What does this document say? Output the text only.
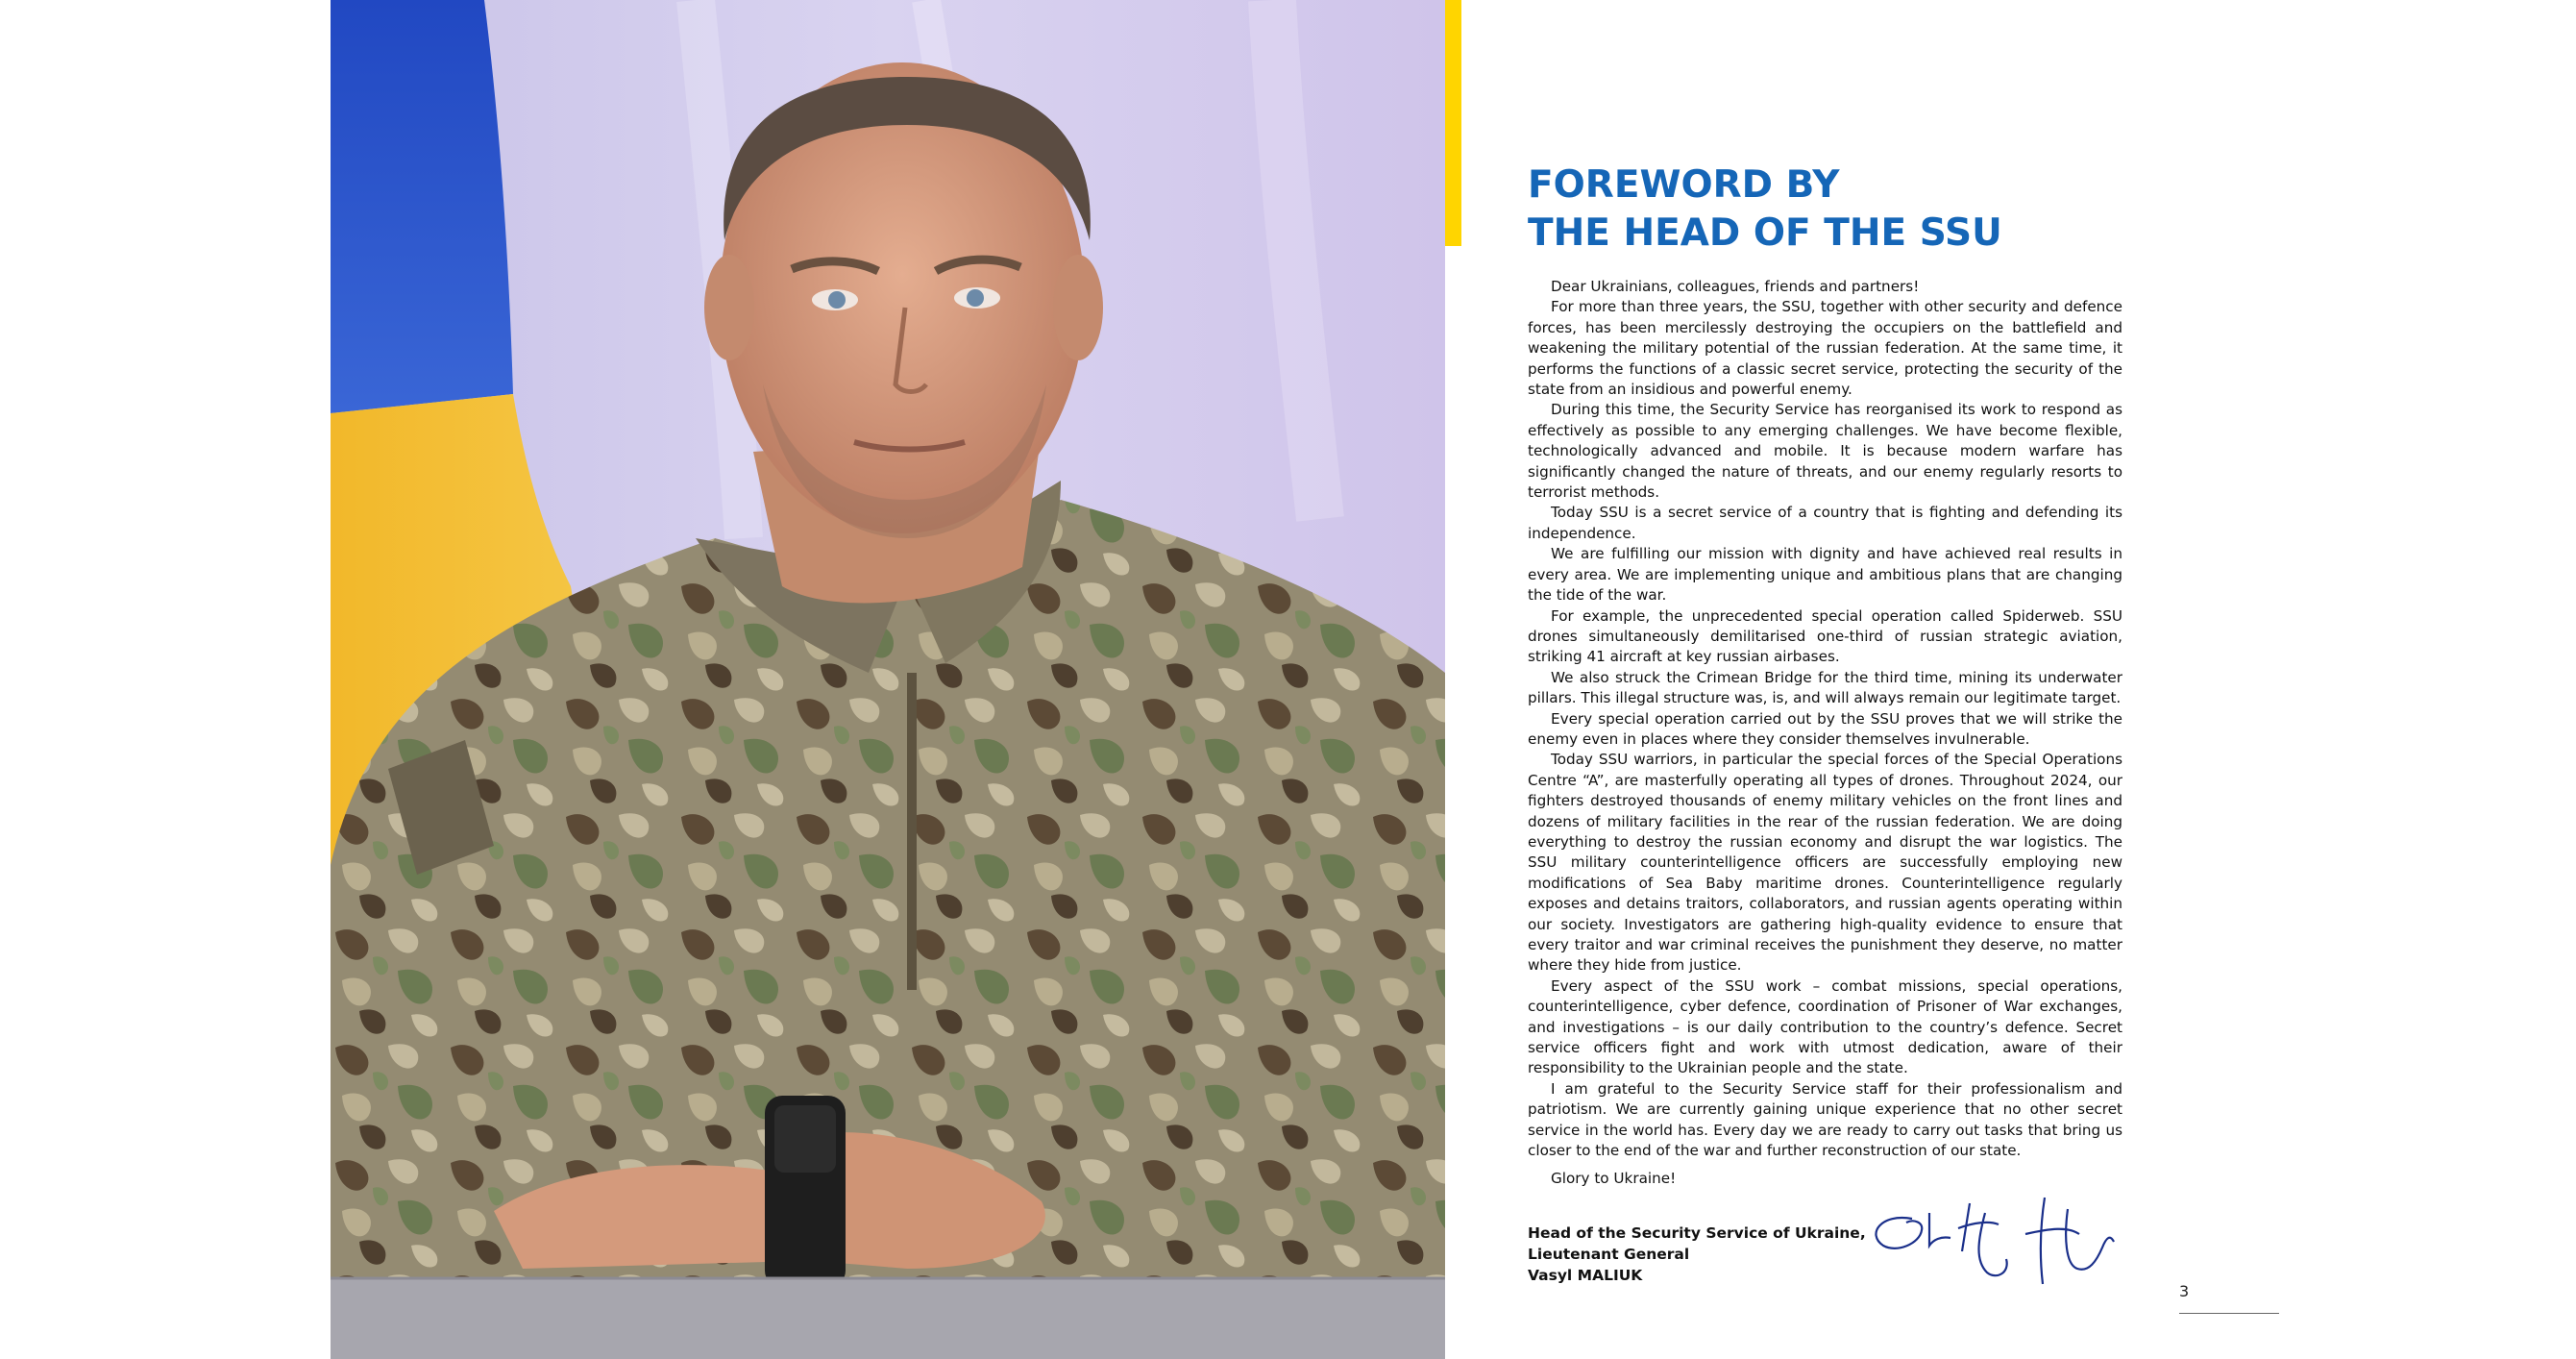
FOREWORD BY
THE HEAD OF THE SSU

Dear Ukrainians, colleagues, friends and partners!

For more than three years, the SSU, together with other security and defence forces, has been mercilessly destroying the occupiers on the battlefield and weakening the military potential of the russian federation. At the same time, it performs the functions of a classic secret service, protecting the security of the state from an insidious and powerful enemy.

During this time, the Security Service has reorganised its work to respond as effectively as possible to any emerging challenges. We have become flexible, technologically advanced and mobile. It is because modern warfare has significantly changed the nature of threats, and our enemy regularly resorts to terrorist methods.

Today SSU is a secret service of a country that is fighting and defending its independence.

We are fulfilling our mission with dignity and have achieved real results in every area. We are implementing unique and ambitious plans that are changing the tide of the war.

For example, the unprecedented special operation called Spiderweb. SSU drones simultaneously demilitarised one-third of russian strategic aviation, striking 41 aircraft at key russian airbases.

We also struck the Crimean Bridge for the third time, mining its underwater pillars. This illegal structure was, is, and will always remain our legitimate target.

Every special operation carried out by the SSU proves that we will strike the enemy even in places where they consider themselves invulnerable.

Today SSU warriors, in particular the special forces of the Special Operations Centre “A”, are masterfully operating all types of drones. Throughout 2024, our fighters destroyed thousands of enemy military vehicles on the front lines and dozens of military facilities in the rear of the russian federation. We are doing everything to destroy the russian economy and disrupt the war logistics. The SSU military counterintelligence officers are successfully employing new modifications of Sea Baby maritime drones. Counterintelligence regularly exposes and detains traitors, collaborators, and russian agents operating within our society. Investigators are gathering high-quality evidence to ensure that every traitor and war criminal receives the punishment they deserve, no matter where they hide from justice.

Every aspect of the SSU work – combat missions, special operations, counterintelligence, cyber defence, coordination of Prisoner of War exchanges, and investigations – is our daily contribution to the country’s defence. Secret service officers fight and work with utmost dedication, aware of their responsibility to the Ukrainian people and the state.

I am grateful to the Security Service staff for their professionalism and patriotism. We are currently gaining unique experience that no other secret service in the world has. Every day we are ready to carry out tasks that bring us closer to the end of the war and further reconstruction of our state.

Glory to Ukraine!

Head of the Security Service of Ukraine,
Lieutenant General
Vasyl MALIUK
3
